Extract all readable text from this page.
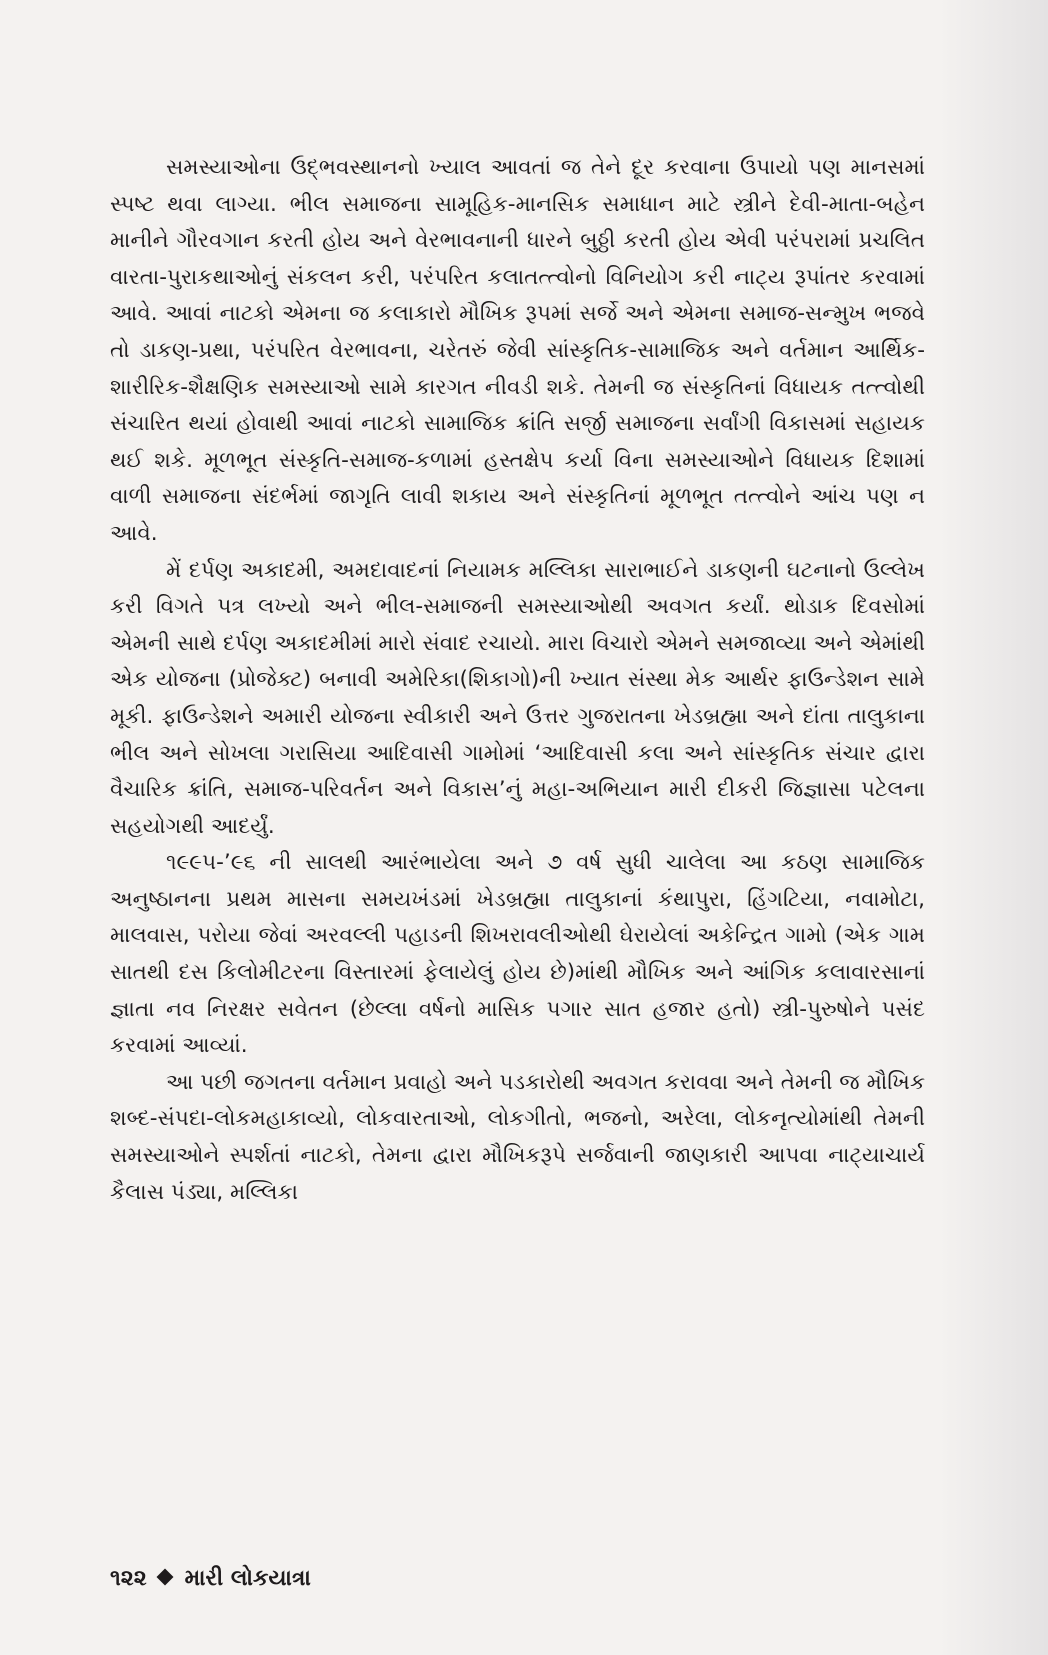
સમસ્યાઓના ઉદ્ભવસ્થાનનો ખ્યાલ આવતાં જ તેને દૂર કરવાના ઉપાયો પણ માનસમાં સ્પષ્ટ થવા લાગ્યા. ભીલ સમાજના સામૂહિક-માનસિક સમાધાન માટે સ્ત્રીને દેવી-માતા-બહેન માનીને ગૌરવગાન કરતી હોય અને વેરભાવનાની ધારને બુઠ્ઠી કરતી હોય એવી પરંપરામાં પ્રચલિત વારતા-પુરાકથાઓનું સંકલન કરી, પરંપરિત કલાતત્ત્વોનો વિનિયોગ કરી નાટ્ય રૂપાંતર કરવામાં આવે. આવાં નાટકો એમના જ કલાકારો મૌખિક રૂપમાં સર્જે અને એમના સમાજ-સન્મુખ ભજવે તો ડાકણ-પ્રથા, પરંપરિત વેરભાવના, ચરેતરું જેવી સાંસ્કૃતિક-સામાજિક અને વર્તમાન આર્થિક-શારીરિક-શૈક્ષણિક સમસ્યાઓ સામે કારગત નીવડી શકે. તેમની જ સંસ્કૃતિનાં વિધાયક તત્ત્વોથી સંચારિત થયાં હોવાથી આવાં નાટકો સામાજિક ક્રાંતિ સર્જી સમાજના સર્વાંગી વિકાસમાં સહાયક થઈ શકે. મૂળભૂત સંસ્કૃતિ-સમાજ-કળામાં હસ્તક્ષેપ કર્યા વિના સમસ્યાઓને વિધાયક દિશામાં વાળી સમાજના સંદર્ભમાં જાગૃતિ લાવી શકાય અને સંસ્કૃતિનાં મૂળભૂત તત્ત્વોને આંચ પણ ન આવે.

મેં દર્પણ અકાદમી, અમદાવાદનાં નિયામક મલ્લિકા સારાભાઈને ડાકણની ઘટનાનો ઉલ્લેખ કરી વિગતે પત્ર લખ્યો અને ભીલ-સમાજની સમસ્યાઓથી અવગત કર્યાં. થોડાક દિવસોમાં એમની સાથે દર્પણ અકાદમીમાં મારો સંવાદ રચાયો. મારા વિચારો એમને સમજાવ્યા અને એમાંથી એક યોજના (પ્રોજેક્ટ) બનાવી અમેરિકા(શિકાગો)ની ખ્યાત સંસ્થા મેક આર્થર ફાઉન્ડેશન સામે મૂકી. ફાઉન્ડેશને અમારી યોજના સ્વીકારી અને ઉત્તર ગુજરાતના ખેડબ્રહ્મા અને દાંતા તાલુકાના ભીલ અને સોખલા ગરાસિયા આદિવાસી ગામોમાં ‘આદિવાસી કલા અને સાંસ્કૃતિક સંચાર દ્વારા વૈચારિક ક્રાંતિ, સમાજ-પરિવર્તન અને વિકાસ’નું મહા-અભિયાન મારી દીકરી જિજ્ઞાસા પટેલના સહયોગથી આદર્યું.

૧૯૯૫-’૯૬ ની સાલથી આરંભાયેલા અને ૭ વર્ષ સુધી ચાલેલા આ કઠણ સામાજિક અનુષ્ઠાનના પ્રથમ માસના સમયખંડમાં ખેડબ્રહ્મા તાલુકાનાં કંથાપુરા, હિંગટિયા, નવામોટા, માલવાસ, પરોયા જેવાં અરવલ્લી પહાડની શિખરાવલીઓથી ઘેરાયેલાં અકેન્દ્રિત ગામો (એક ગામ સાતથી દસ કિલોમીટરના વિસ્તારમાં ફેલાયેલું હોય છે)માંથી મૌખિક અને આંગિક કલાવારસાનાં જ્ઞાતા નવ નિરક્ષર સવેતન (છેલ્લા વર્ષનો માસિક પગાર સાત હજાર હતો) સ્ત્રી-પુરુષોને પસંદ કરવામાં આવ્યાં.

આ પછી જગતના વર્તમાન પ્રવાહો અને પડકારોથી અવગત કરાવવા અને તેમની જ મૌખિક શબ્દ-સંપદા-લોકમહાકાવ્યો, લોકવારતાઓ, લોકગીતો, ભજનો, અરેલા, લોકનૃત્યોમાંથી તેમની સમસ્યાઓને સ્પર્શતાં નાટકો, તેમના દ્વારા મૌખિકરૂપે સર્જવાની જાણકારી આપવા નાટ્યાચાર્ય કૈલાસ પંડ્યા, મલ્લિકા

૧૨૨ મારી લોકયાત્રા
